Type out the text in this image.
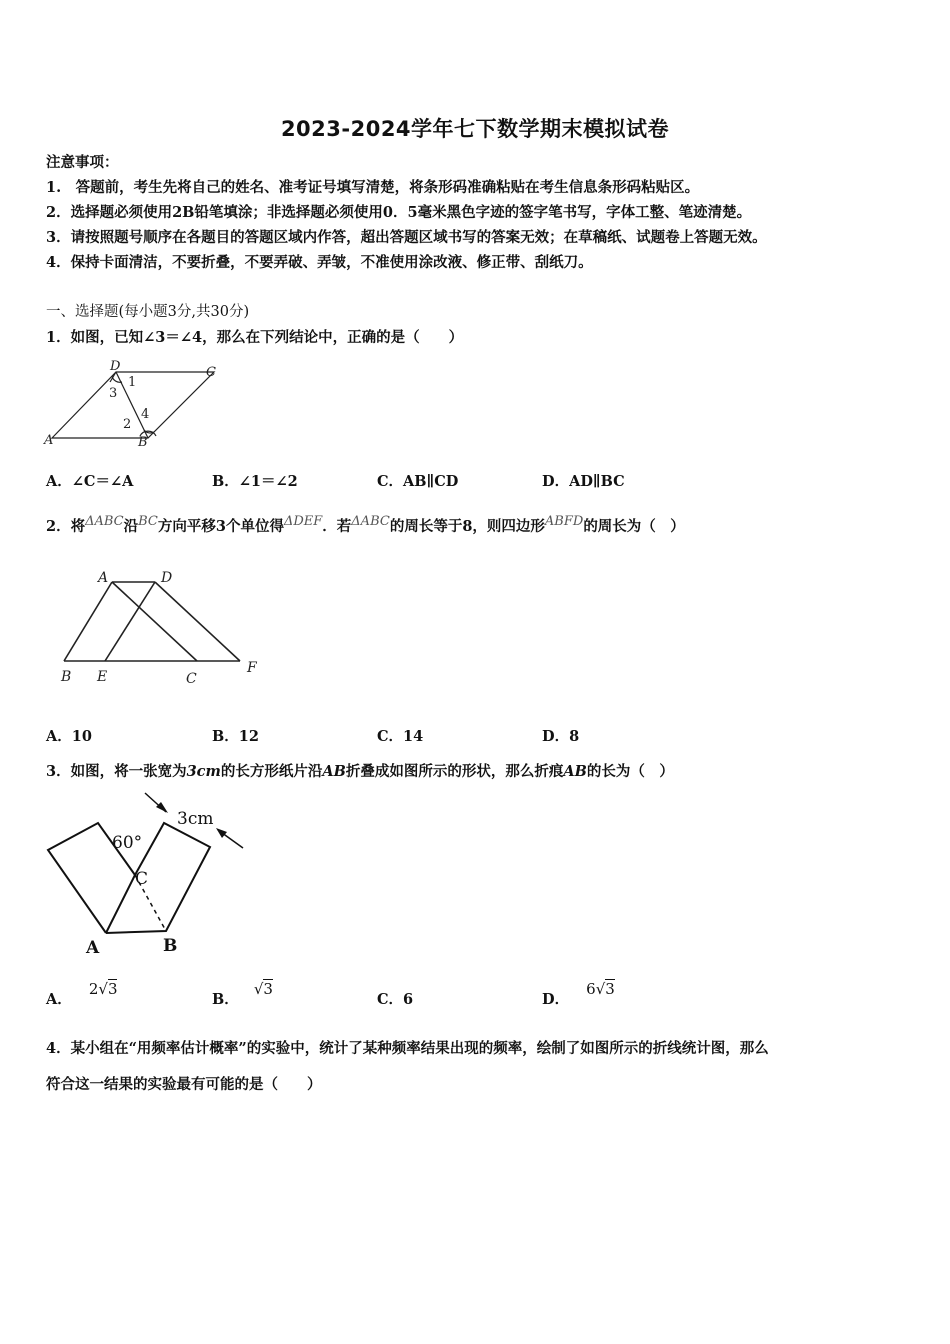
2023-2024学年七下数学期末模拟试卷
注意事项：
1.　答题前，考生先将自己的姓名、准考证号填写清楚，将条形码准确粘贴在考生信息条形码粘贴区。
2．选择题必须使用2B铅笔填涂；非选择题必须使用0．5毫米黑色字迹的签字笔书写，字体工整、笔迹清楚。
3．请按照题号顺序在各题目的答题区域内作答，超出答题区域书写的答案无效；在草稿纸、试题卷上答题无效。
4．保持卡面清洁，不要折叠，不要弄破、弄皱，不准使用涂改液、修正带、刮纸刀。
一、选择题(每小题3分,共30分)
1．如图，已知∠3＝∠4，那么在下列结论中，正确的是（　　）
A	B
C
D
1
3
2
4
A．∠C＝∠A	B．∠1＝∠2	C．AB∥CD	D．AD∥BC
2．将ΔABC沿BC方向平移3个单位得ΔDEF．若ΔABC的周长等于8，则四边形ABFD的周长为（　）
A	D
B E	C
F
A．10	B．12	C．14	D．8
3．如图，将一张宽为3cm的长方形纸片沿AB折叠成如图所示的形状，那么折痕AB的长为（　）
3cm
60°
C
A	B
A． 2√3
B． √3
C．6	D． 6√3
4．某小组在“用频率估计概率”的实验中，统计了某种频率结果出现的频率，绘制了如图所示的折线统计图，那么
符合这一结果的实验最有可能的是（　　）
